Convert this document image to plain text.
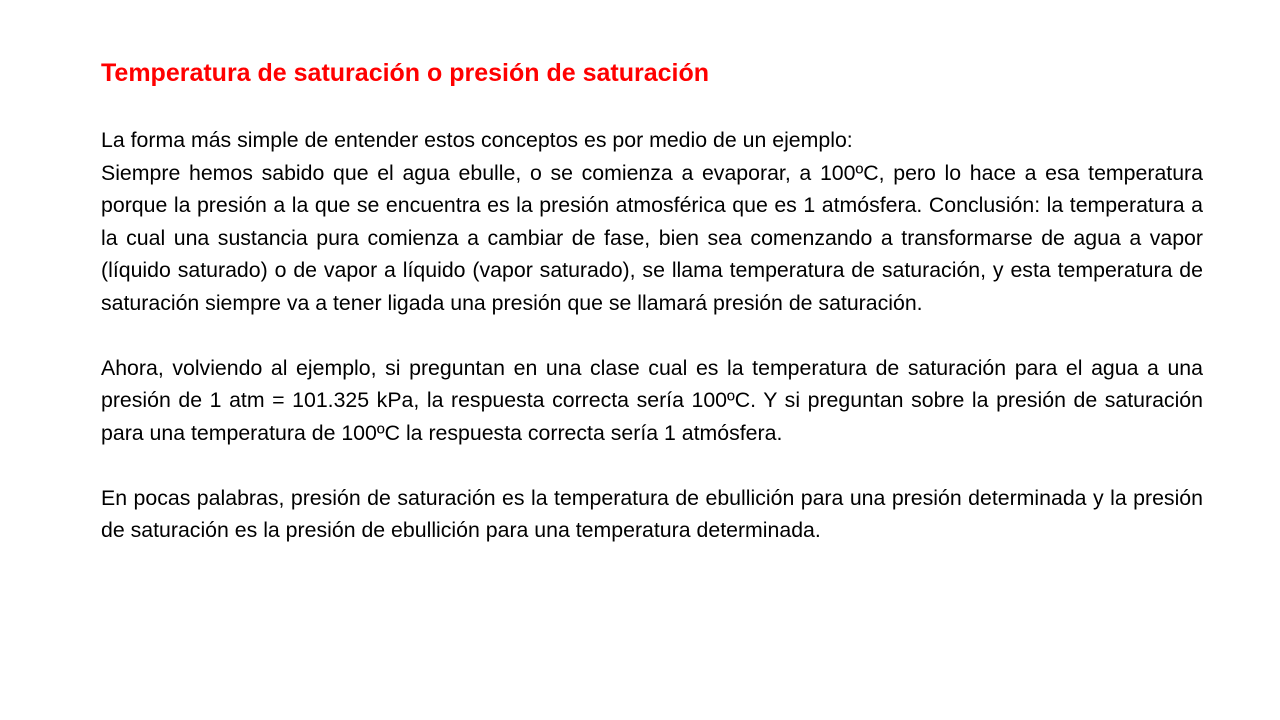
Temperatura de saturación o presión de saturación

La forma más simple de entender estos conceptos es por medio de un ejemplo:

Siempre hemos sabido que el agua ebulle, o se comienza a evaporar, a 100ºC, pero lo hace a esa temperatura porque la presión a la que se encuentra es la presión atmosférica que es 1 atmósfera. Conclusión: la temperatura a la cual una sustancia pura comienza a cambiar de fase, bien sea comenzando a transformarse de agua a vapor (líquido saturado) o de vapor a líquido (vapor saturado), se llama temperatura de saturación, y esta temperatura de saturación siempre va a tener ligada una presión que se llamará presión de saturación.

Ahora, volviendo al ejemplo, si preguntan en una clase cual es la temperatura de saturación para el agua a una presión de 1 atm = 101.325 kPa, la respuesta correcta sería 100ºC. Y si preguntan sobre la presión de saturación para una temperatura de 100ºC la respuesta correcta sería 1 atmósfera.

En pocas palabras, presión de saturación es la temperatura de ebullición para una presión determinada y la presión de saturación es la presión de ebullición para una temperatura determinada.
